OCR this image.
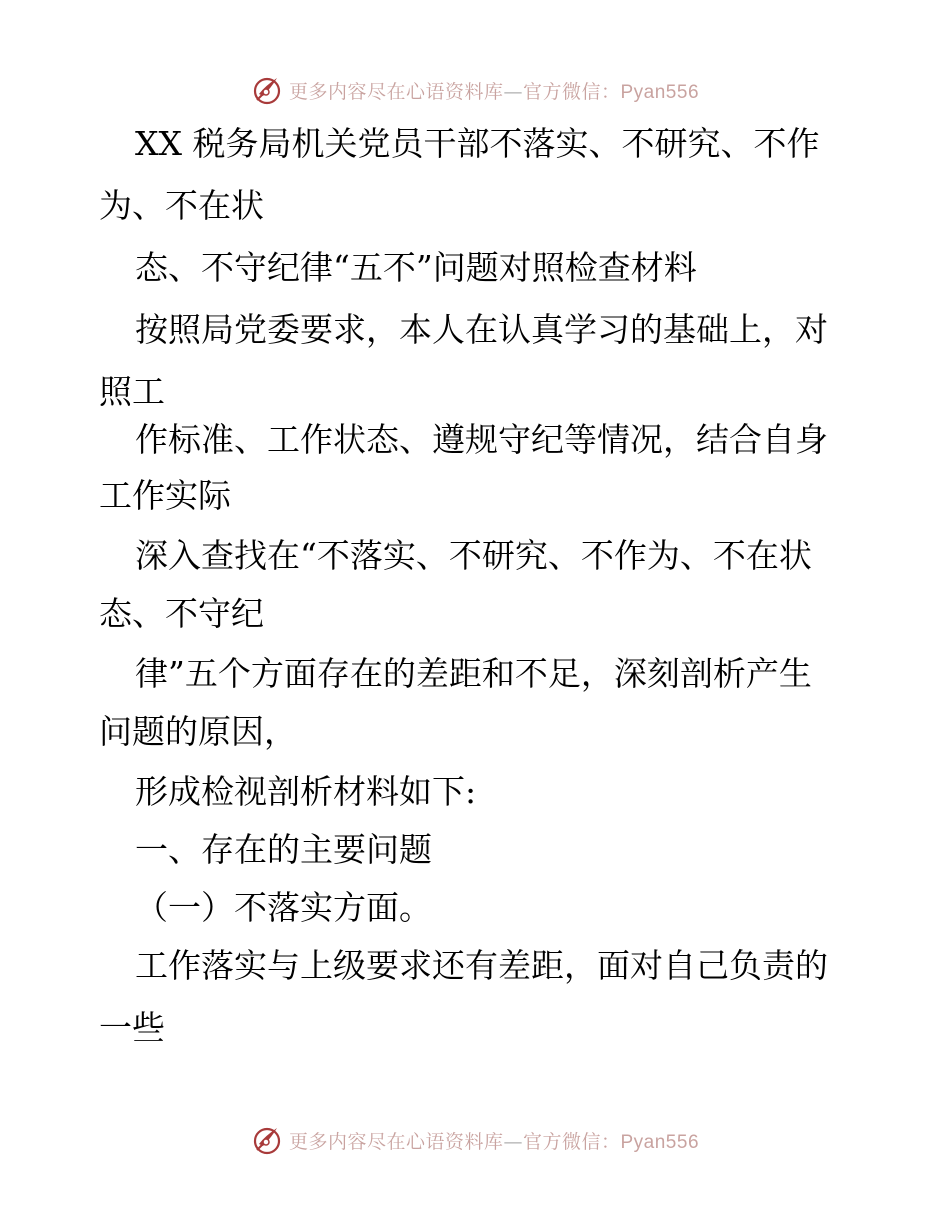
更多内容尽在心语资料库—官方微信：Pyan556
XX 税务局机关党员干部不落实、不研究、不作
为、不在状
态、不守纪律“五不”问题对照检查材料
按照局党委要求，本人在认真学习的基础上，对
照工
作标准、工作状态、遵规守纪等情况，结合自身
工作实际
深入查找在“不落实、不研究、不作为、不在状
态、不守纪
律”五个方面存在的差距和不足，深刻剖析产生
问题的原因，
形成检视剖析材料如下:
一、存在的主要问题
（一）不落实方面。
工作落实与上级要求还有差距，面对自己负责的
一些
更多内容尽在心语资料库—官方微信：Pyan556
